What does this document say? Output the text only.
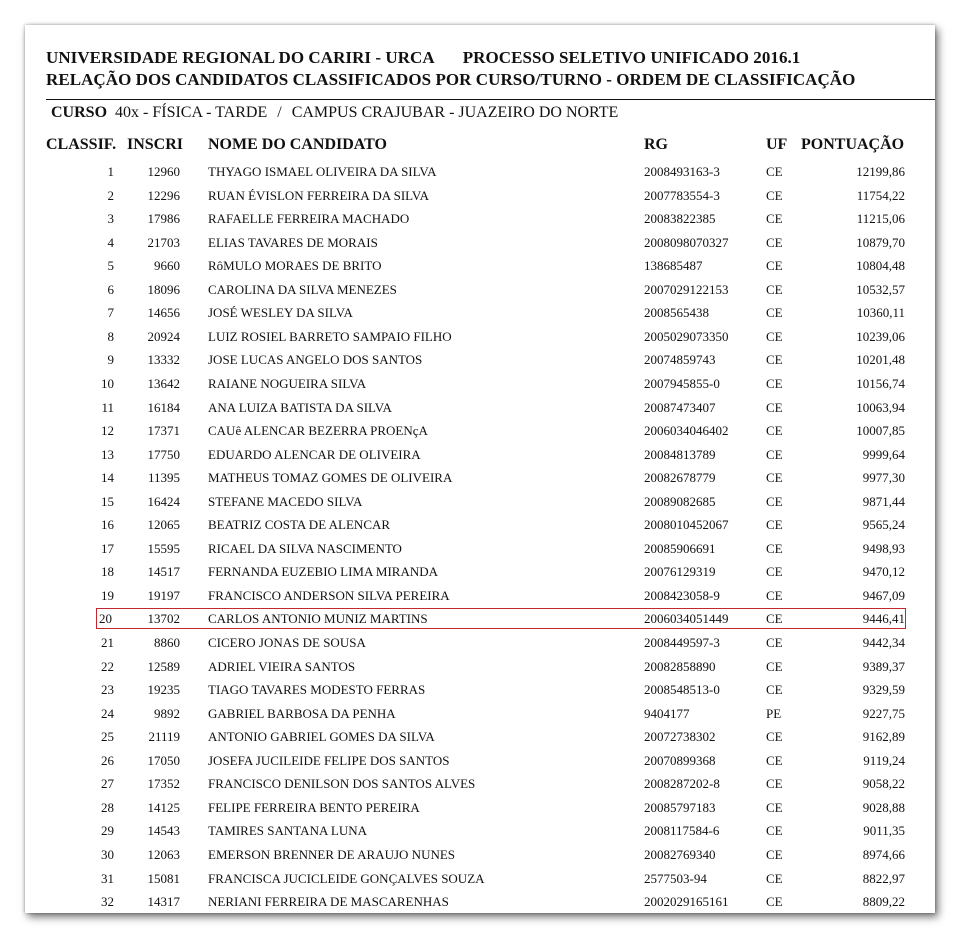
UNIVERSIDADE REGIONAL DO CARIRI - URCA PROCESSO SELETIVO UNIFICADO 2016.1
RELAÇÃO DOS CANDIDATOS CLASSIFICADOS POR CURSO/TURNO - ORDEM DE CLASSIFICAÇÃO
CURSO 40x - FÍSICA - TARDE / CAMPUS CRAJUBAR - JUAZEIRO DO NORTE
CLASSIF. INSCRI NOME DO CANDIDATO	RG	UF PONTUAÇÃO
1	12960 THYAGO ISMAEL OLIVEIRA DA SILVA	2008493163-3	CE	12199,86
2	12296 RUAN ÉVISLON FERREIRA DA SILVA	2007783554-3	CE	11754,22
3	17986 RAFAELLE FERREIRA MACHADO	20083822385	CE	11215,06
4	21703 ELIAS TAVARES DE MORAIS	2008098070327	CE	10879,70
5	9660 RôMULO MORAES DE BRITO	138685487	CE	10804,48
6	18096 CAROLINA DA SILVA MENEZES	2007029122153	CE	10532,57
7	14656 JOSÉ WESLEY DA SILVA	2008565438	CE	10360,11
8	20924 LUIZ ROSIEL BARRETO SAMPAIO FILHO	2005029073350	CE	10239,06
9	13332 JOSE LUCAS ANGELO DOS SANTOS	20074859743	CE	10201,48
10	13642 RAIANE NOGUEIRA SILVA	2007945855-0	CE	10156,74
11	16184 ANA LUIZA BATISTA DA SILVA	20087473407	CE	10063,94
12	17371 CAUê ALENCAR BEZERRA PROENçA	2006034046402	CE	10007,85
13	17750 EDUARDO ALENCAR DE OLIVEIRA	20084813789	CE	9999,64
14	11395 MATHEUS TOMAZ GOMES DE OLIVEIRA	20082678779	CE	9977,30
15	16424 STEFANE MACEDO SILVA	20089082685	CE	9871,44
16	12065 BEATRIZ COSTA DE ALENCAR	2008010452067	CE	9565,24
17	15595 RICAEL DA SILVA NASCIMENTO	20085906691	CE	9498,93
18	14517 FERNANDA EUZEBIO LIMA MIRANDA	20076129319	CE	9470,12
19	19197 FRANCISCO ANDERSON SILVA PEREIRA	2008423058-9	CE	9467,09
20	13702 CARLOS ANTONIO MUNIZ MARTINS	2006034051449	CE	9446,41
21	8860 CICERO JONAS DE SOUSA	2008449597-3	CE	9442,34
22	12589 ADRIEL VIEIRA SANTOS	20082858890	CE	9389,37
23	19235 TIAGO TAVARES MODESTO FERRAS	2008548513-0	CE	9329,59
24	9892 GABRIEL BARBOSA DA PENHA	9404177	PE	9227,75
25	21119 ANTONIO GABRIEL GOMES DA SILVA	20072738302	CE	9162,89
26	17050 JOSEFA JUCILEIDE FELIPE DOS SANTOS	20070899368	CE	9119,24
27	17352 FRANCISCO DENILSON DOS SANTOS ALVES	2008287202-8	CE	9058,22
28	14125 FELIPE FERREIRA BENTO PEREIRA	20085797183	CE	9028,88
29	14543 TAMIRES SANTANA LUNA	2008117584-6	CE	9011,35
30	12063 EMERSON BRENNER DE ARAUJO NUNES	20082769340	CE	8974,66
31	15081 FRANCISCA JUCICLEIDE GONÇALVES SOUZA	2577503-94	CE	8822,97
32	14317 NERIANI FERREIRA DE MASCARENHAS	2002029165161	CE	8809,22
